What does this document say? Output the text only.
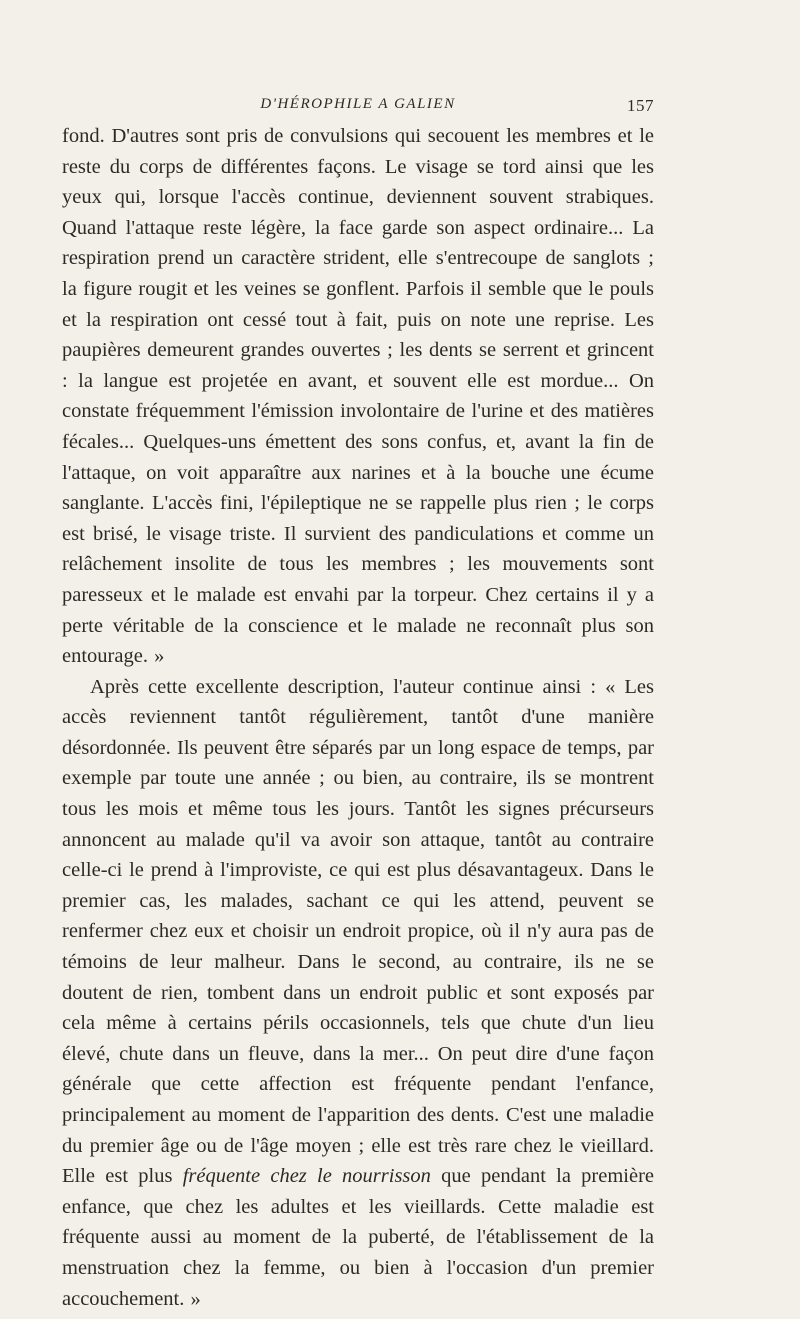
D'HÉROPHILE A GALIEN	157

fond. D'autres sont pris de convulsions qui secouent les membres et le reste du corps de différentes façons. Le visage se tord ainsi que les yeux qui, lorsque l'accès continue, deviennent souvent strabiques. Quand l'attaque reste légère, la face garde son aspect ordinaire... La respiration prend un caractère strident, elle s'entrecoupe de sanglots ; la figure rougit et les veines se gonflent. Parfois il semble que le pouls et la respiration ont cessé tout à fait, puis on note une reprise. Les paupières demeurent grandes ouvertes ; les dents se serrent et grincent : la langue est projetée en avant, et souvent elle est mordue... On constate fréquemment l'émission involontaire de l'urine et des matières fécales... Quelques-uns émettent des sons confus, et, avant la fin de l'attaque, on voit apparaître aux narines et à la bouche une écume sanglante. L'accès fini, l'épileptique ne se rappelle plus rien ; le corps est brisé, le visage triste. Il survient des pandiculations et comme un relâchement insolite de tous les membres ; les mouvements sont paresseux et le malade est envahi par la torpeur. Chez certains il y a perte véritable de la conscience et le malade ne reconnaît plus son entourage. »

Après cette excellente description, l'auteur continue ainsi : « Les accès reviennent tantôt régulièrement, tantôt d'une manière désordonnée. Ils peuvent être séparés par un long espace de temps, par exemple par toute une année ; ou bien, au contraire, ils se montrent tous les mois et même tous les jours. Tantôt les signes précurseurs annoncent au malade qu'il va avoir son attaque, tantôt au contraire celle-ci le prend à l'improviste, ce qui est plus désavantageux. Dans le premier cas, les malades, sachant ce qui les attend, peuvent se renfermer chez eux et choisir un endroit propice, où il n'y aura pas de témoins de leur malheur. Dans le second, au contraire, ils ne se doutent de rien, tombent dans un endroit public et sont exposés par cela même à certains périls occasionnels, tels que chute d'un lieu élevé, chute dans un fleuve, dans la mer... On peut dire d'une façon générale que cette affection est fréquente pendant l'enfance, principalement au moment de l'apparition des dents. C'est une maladie du premier âge ou de l'âge moyen ; elle est très rare chez le vieillard. Elle est plus fréquente chez le nourrisson que pendant la première enfance, que chez les adultes et les vieillards. Cette maladie est fréquente aussi au moment de la puberté, de l'établissement de la menstruation chez la femme, ou bien à l'occasion d'un premier accouchement. »
